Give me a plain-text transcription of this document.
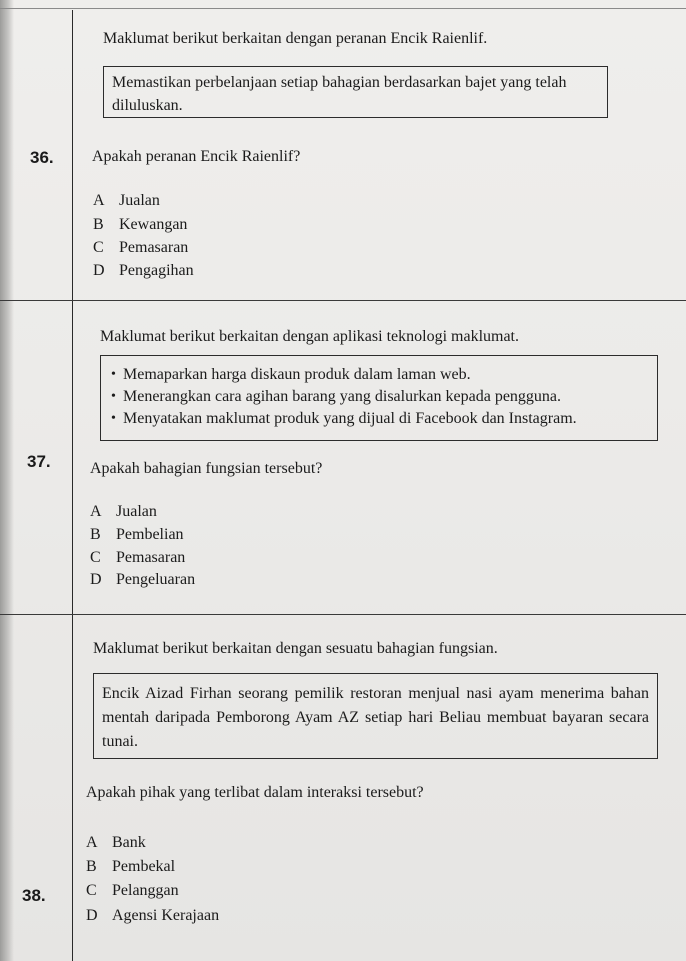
Maklumat berikut berkaitan dengan peranan Encik Raienlif.
Memastikan perbelanjaan setiap bahagian berdasarkan bajet yang telah diluluskan.
36. Apakah peranan Encik Raienlif?
A Jualan
B Kewangan
C Pemasaran
D Pengagihan
Maklumat berikut berkaitan dengan aplikasi teknologi maklumat.
• Memaparkan harga diskaun produk dalam laman web.
• Menerangkan cara agihan barang yang disalurkan kepada pengguna.
• Menyatakan maklumat produk yang dijual di Facebook dan Instagram.
37. Apakah bahagian fungsian tersebut?
A Jualan
B Pembelian
C Pemasaran
D Pengeluaran
Maklumat berikut berkaitan dengan sesuatu bahagian fungsian.
Encik Aizad Firhan seorang pemilik restoran menjual nasi ayam menerima bahan mentah daripada Pemborong Ayam AZ setiap hari Beliau membuat bayaran secara tunai.
Apakah pihak yang terlibat dalam interaksi tersebut?
A Bank
B Pembekal
38.	C Pelanggan
D Agensi Kerajaan
